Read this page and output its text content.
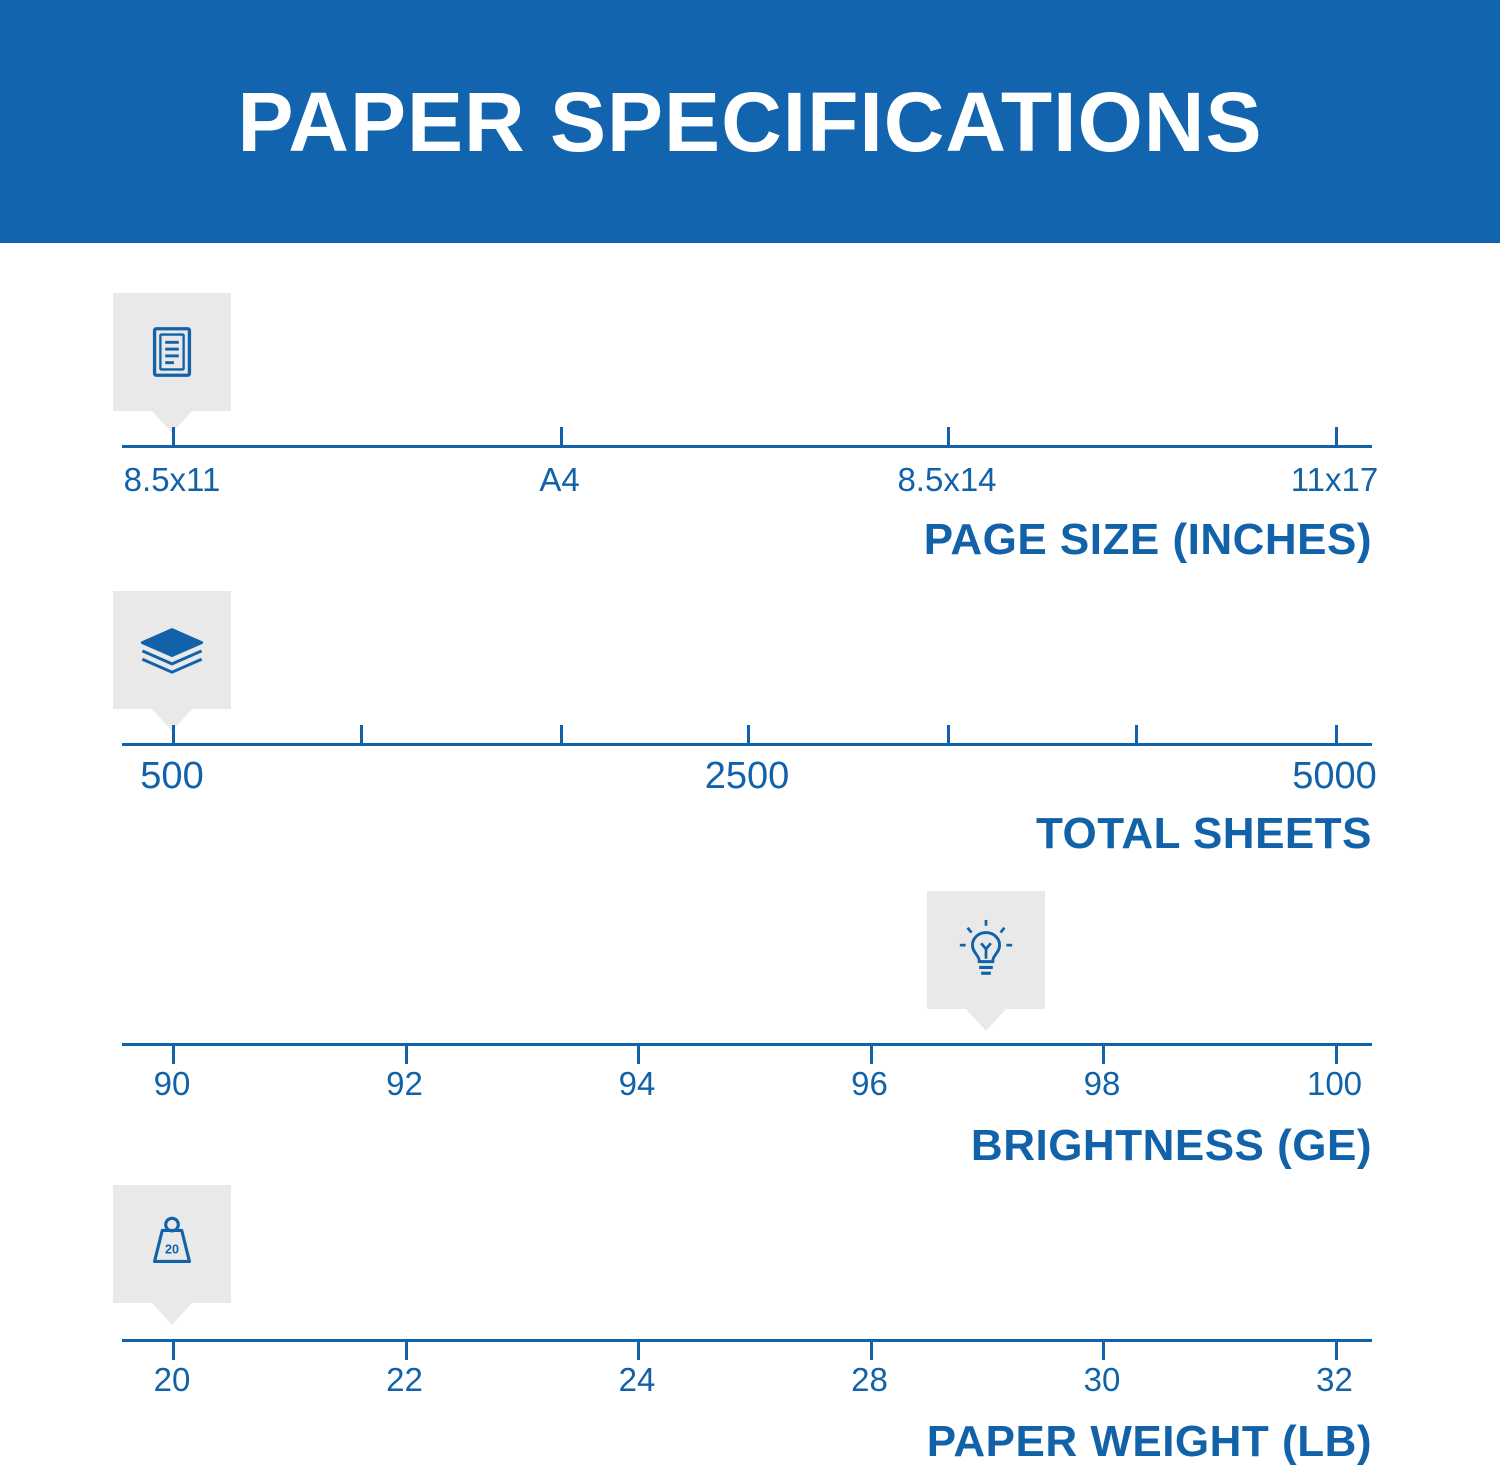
PAPER SPECIFICATIONS
8.5x11	A4	8.5x14	11x17
PAGE SIZE (INCHES)
500	2500	5000
TOTAL SHEETS
90	92	94	96	98	100
BRIGHTNESS (GE)
20
20	22	24	28	30	32
PAPER WEIGHT (LB)
